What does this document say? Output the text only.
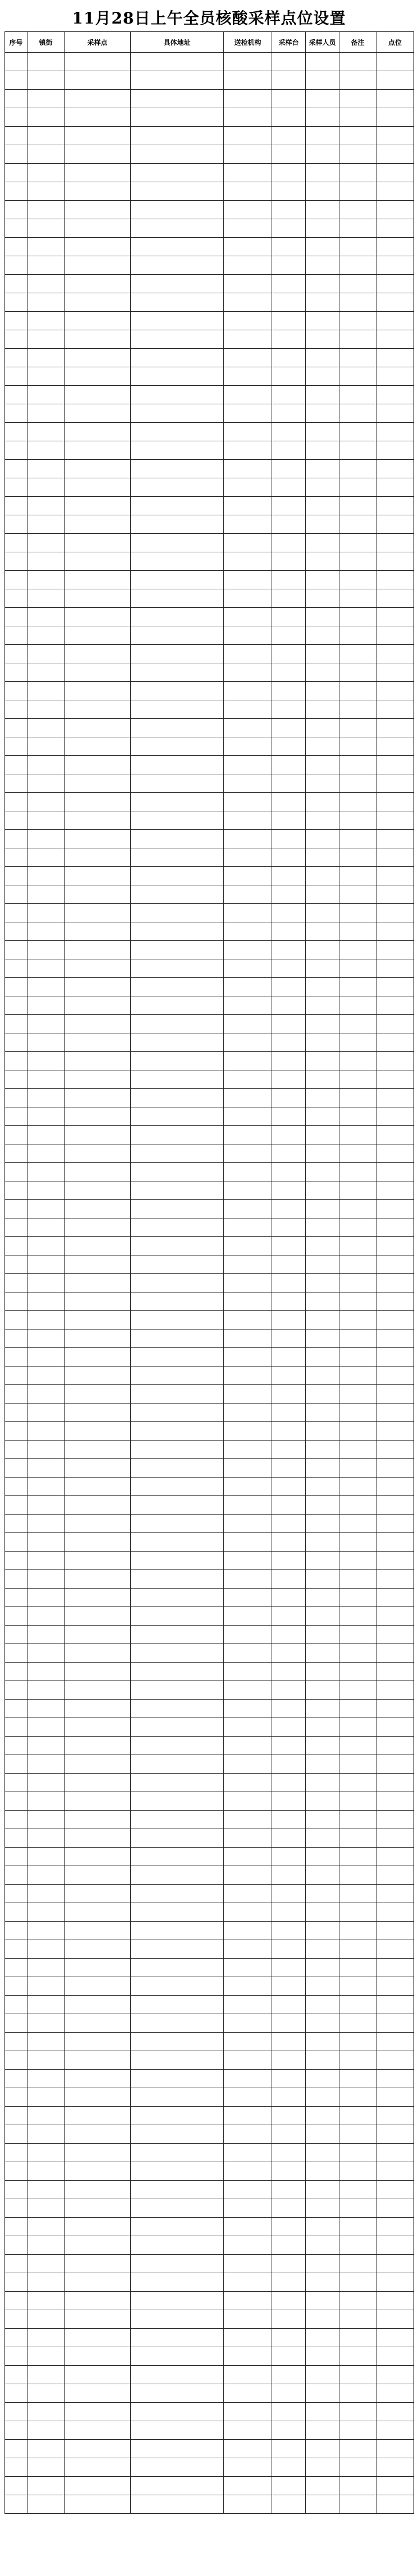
11月28日上午全员核酸采样点位设置
序号	镇街	采样点	具体地址	送检机构	采样台	采样人员	备注	点位
